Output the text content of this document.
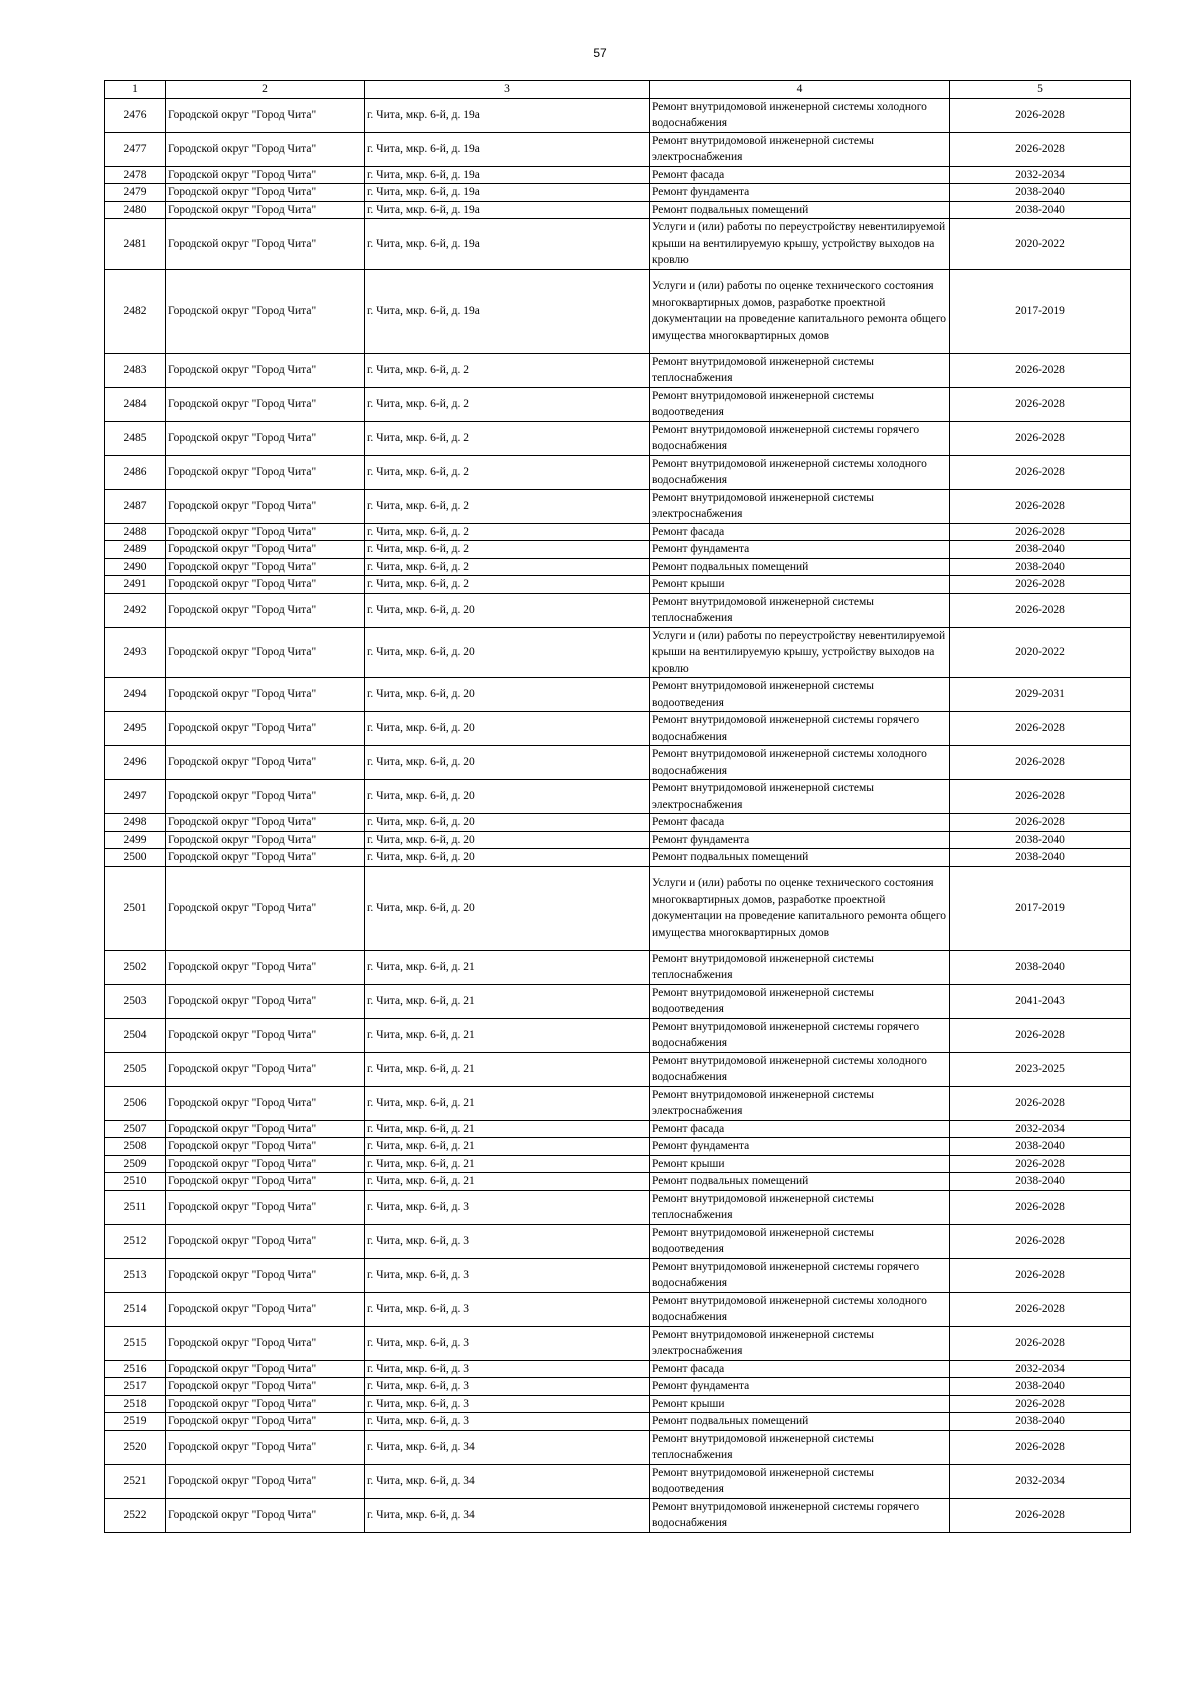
57
1	2	3	4	5
2476	Городской округ "Город Чита"	г. Чита, мкр. 6-й, д. 19а	Ремонт внутридомовой инженерной системы холодного водоснабжения	2026-2028
2477	Городской округ "Город Чита"	г. Чита, мкр. 6-й, д. 19а	Ремонт внутридомовой инженерной системы электроснабжения	2026-2028
2478	Городской округ "Город Чита"	г. Чита, мкр. 6-й, д. 19а	Ремонт фасада	2032-2034
2479	Городской округ "Город Чита"	г. Чита, мкр. 6-й, д. 19а	Ремонт фундамента	2038-2040
2480	Городской округ "Город Чита"	г. Чита, мкр. 6-й, д. 19а	Ремонт подвальных помещений	2038-2040
2481	Городской округ "Город Чита"	г. Чита, мкр. 6-й, д. 19а	Услуги и (или) работы по переустройству невентилируемой крыши на вентилируемую крышу, устройству выходов на кровлю	2020-2022
2482	Городской округ "Город Чита"	г. Чита, мкр. 6-й, д. 19а	Услуги и (или) работы по оценке технического состояния многоквартирных домов, разработке проектной документации на проведение капитального ремонта общего имущества многоквартирных домов	2017-2019
2483	Городской округ "Город Чита"	г. Чита, мкр. 6-й, д. 2	Ремонт внутридомовой инженерной системы теплоснабжения	2026-2028
2484	Городской округ "Город Чита"	г. Чита, мкр. 6-й, д. 2	Ремонт внутридомовой инженерной системы водоотведения	2026-2028
2485	Городской округ "Город Чита"	г. Чита, мкр. 6-й, д. 2	Ремонт внутридомовой инженерной системы горячего водоснабжения	2026-2028
2486	Городской округ "Город Чита"	г. Чита, мкр. 6-й, д. 2	Ремонт внутридомовой инженерной системы холодного водоснабжения	2026-2028
2487	Городской округ "Город Чита"	г. Чита, мкр. 6-й, д. 2	Ремонт внутридомовой инженерной системы электроснабжения	2026-2028
2488	Городской округ "Город Чита"	г. Чита, мкр. 6-й, д. 2	Ремонт фасада	2026-2028
2489	Городской округ "Город Чита"	г. Чита, мкр. 6-й, д. 2	Ремонт фундамента	2038-2040
2490	Городской округ "Город Чита"	г. Чита, мкр. 6-й, д. 2	Ремонт подвальных помещений	2038-2040
2491	Городской округ "Город Чита"	г. Чита, мкр. 6-й, д. 2	Ремонт крыши	2026-2028
2492	Городской округ "Город Чита"	г. Чита, мкр. 6-й, д. 20	Ремонт внутридомовой инженерной системы теплоснабжения	2026-2028
2493	Городской округ "Город Чита"	г. Чита, мкр. 6-й, д. 20	Услуги и (или) работы по переустройству невентилируемой крыши на вентилируемую крышу, устройству выходов на кровлю	2020-2022
2494	Городской округ "Город Чита"	г. Чита, мкр. 6-й, д. 20	Ремонт внутридомовой инженерной системы водоотведения	2029-2031
2495	Городской округ "Город Чита"	г. Чита, мкр. 6-й, д. 20	Ремонт внутридомовой инженерной системы горячего водоснабжения	2026-2028
2496	Городской округ "Город Чита"	г. Чита, мкр. 6-й, д. 20	Ремонт внутридомовой инженерной системы холодного водоснабжения	2026-2028
2497	Городской округ "Город Чита"	г. Чита, мкр. 6-й, д. 20	Ремонт внутридомовой инженерной системы электроснабжения	2026-2028
2498	Городской округ "Город Чита"	г. Чита, мкр. 6-й, д. 20	Ремонт фасада	2026-2028
2499	Городской округ "Город Чита"	г. Чита, мкр. 6-й, д. 20	Ремонт фундамента	2038-2040
2500	Городской округ "Город Чита"	г. Чита, мкр. 6-й, д. 20	Ремонт подвальных помещений	2038-2040
2501	Городской округ "Город Чита"	г. Чита, мкр. 6-й, д. 20	Услуги и (или) работы по оценке технического состояния многоквартирных домов, разработке проектной документации на проведение капитального ремонта общего имущества многоквартирных домов	2017-2019
2502	Городской округ "Город Чита"	г. Чита, мкр. 6-й, д. 21	Ремонт внутридомовой инженерной системы теплоснабжения	2038-2040
2503	Городской округ "Город Чита"	г. Чита, мкр. 6-й, д. 21	Ремонт внутридомовой инженерной системы водоотведения	2041-2043
2504	Городской округ "Город Чита"	г. Чита, мкр. 6-й, д. 21	Ремонт внутридомовой инженерной системы горячего водоснабжения	2026-2028
2505	Городской округ "Город Чита"	г. Чита, мкр. 6-й, д. 21	Ремонт внутридомовой инженерной системы холодного водоснабжения	2023-2025
2506	Городской округ "Город Чита"	г. Чита, мкр. 6-й, д. 21	Ремонт внутридомовой инженерной системы электроснабжения	2026-2028
2507	Городской округ "Город Чита"	г. Чита, мкр. 6-й, д. 21	Ремонт фасада	2032-2034
2508	Городской округ "Город Чита"	г. Чита, мкр. 6-й, д. 21	Ремонт фундамента	2038-2040
2509	Городской округ "Город Чита"	г. Чита, мкр. 6-й, д. 21	Ремонт крыши	2026-2028
2510	Городской округ "Город Чита"	г. Чита, мкр. 6-й, д. 21	Ремонт подвальных помещений	2038-2040
2511	Городской округ "Город Чита"	г. Чита, мкр. 6-й, д. 3	Ремонт внутридомовой инженерной системы теплоснабжения	2026-2028
2512	Городской округ "Город Чита"	г. Чита, мкр. 6-й, д. 3	Ремонт внутридомовой инженерной системы водоотведения	2026-2028
2513	Городской округ "Город Чита"	г. Чита, мкр. 6-й, д. 3	Ремонт внутридомовой инженерной системы горячего водоснабжения	2026-2028
2514	Городской округ "Город Чита"	г. Чита, мкр. 6-й, д. 3	Ремонт внутридомовой инженерной системы холодного водоснабжения	2026-2028
2515	Городской округ "Город Чита"	г. Чита, мкр. 6-й, д. 3	Ремонт внутридомовой инженерной системы электроснабжения	2026-2028
2516	Городской округ "Город Чита"	г. Чита, мкр. 6-й, д. 3	Ремонт фасада	2032-2034
2517	Городской округ "Город Чита"	г. Чита, мкр. 6-й, д. 3	Ремонт фундамента	2038-2040
2518	Городской округ "Город Чита"	г. Чита, мкр. 6-й, д. 3	Ремонт крыши	2026-2028
2519	Городской округ "Город Чита"	г. Чита, мкр. 6-й, д. 3	Ремонт подвальных помещений	2038-2040
2520	Городской округ "Город Чита"	г. Чита, мкр. 6-й, д. 34	Ремонт внутридомовой инженерной системы теплоснабжения	2026-2028
2521	Городской округ "Город Чита"	г. Чита, мкр. 6-й, д. 34	Ремонт внутридомовой инженерной системы водоотведения	2032-2034
2522	Городской округ "Город Чита"	г. Чита, мкр. 6-й, д. 34	Ремонт внутридомовой инженерной системы горячего водоснабжения	2026-2028
